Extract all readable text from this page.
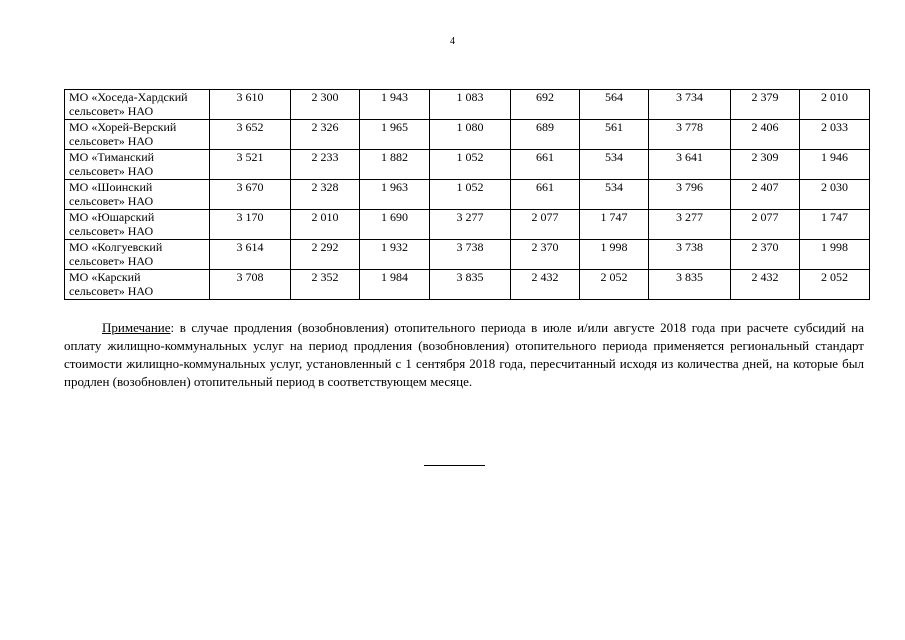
4
МО «Хоседа-Хардский
сельсовет» НАО	3 610	2 300	1 943	1 083	692	564	3 734	2 379	2 010

МО «Хорей-Верский
сельсовет» НАО	3 652	2 326	1 965	1 080	689	561	3 778	2 406	2 033

МО «Тиманский
сельсовет» НАО	3 521	2 233	1 882	1 052	661	534	3 641	2 309	1 946

МО «Шоинский
сельсовет» НАО	3 670	2 328	1 963	1 052	661	534	3 796	2 407	2 030

МО «Юшарский
сельсовет» НАО	3 170	2 010	1 690	3 277	2 077	1 747	3 277	2 077	1 747

МО «Колгуевский
сельсовет» НАО	3 614	2 292	1 932	3 738	2 370	1 998	3 738	2 370	1 998

МО «Карский
сельсовет» НАО	3 708	2 352	1 984	3 835	2 432	2 052	3 835	2 432	2 052
Примечание: в случае продления (возобновления) отопительного периода в июле и/или августе 2018 года при расчете субсидий на оплату жилищно-коммунальных услуг на период продления (возобновления) отопительного периода применяется региональный стандарт стоимости жилищно-коммунальных услуг, установленный с 1 сентября 2018 года, пересчитанный исходя из количества дней, на которые был продлен (возобновлен) отопительный период в соответствующем месяце.
